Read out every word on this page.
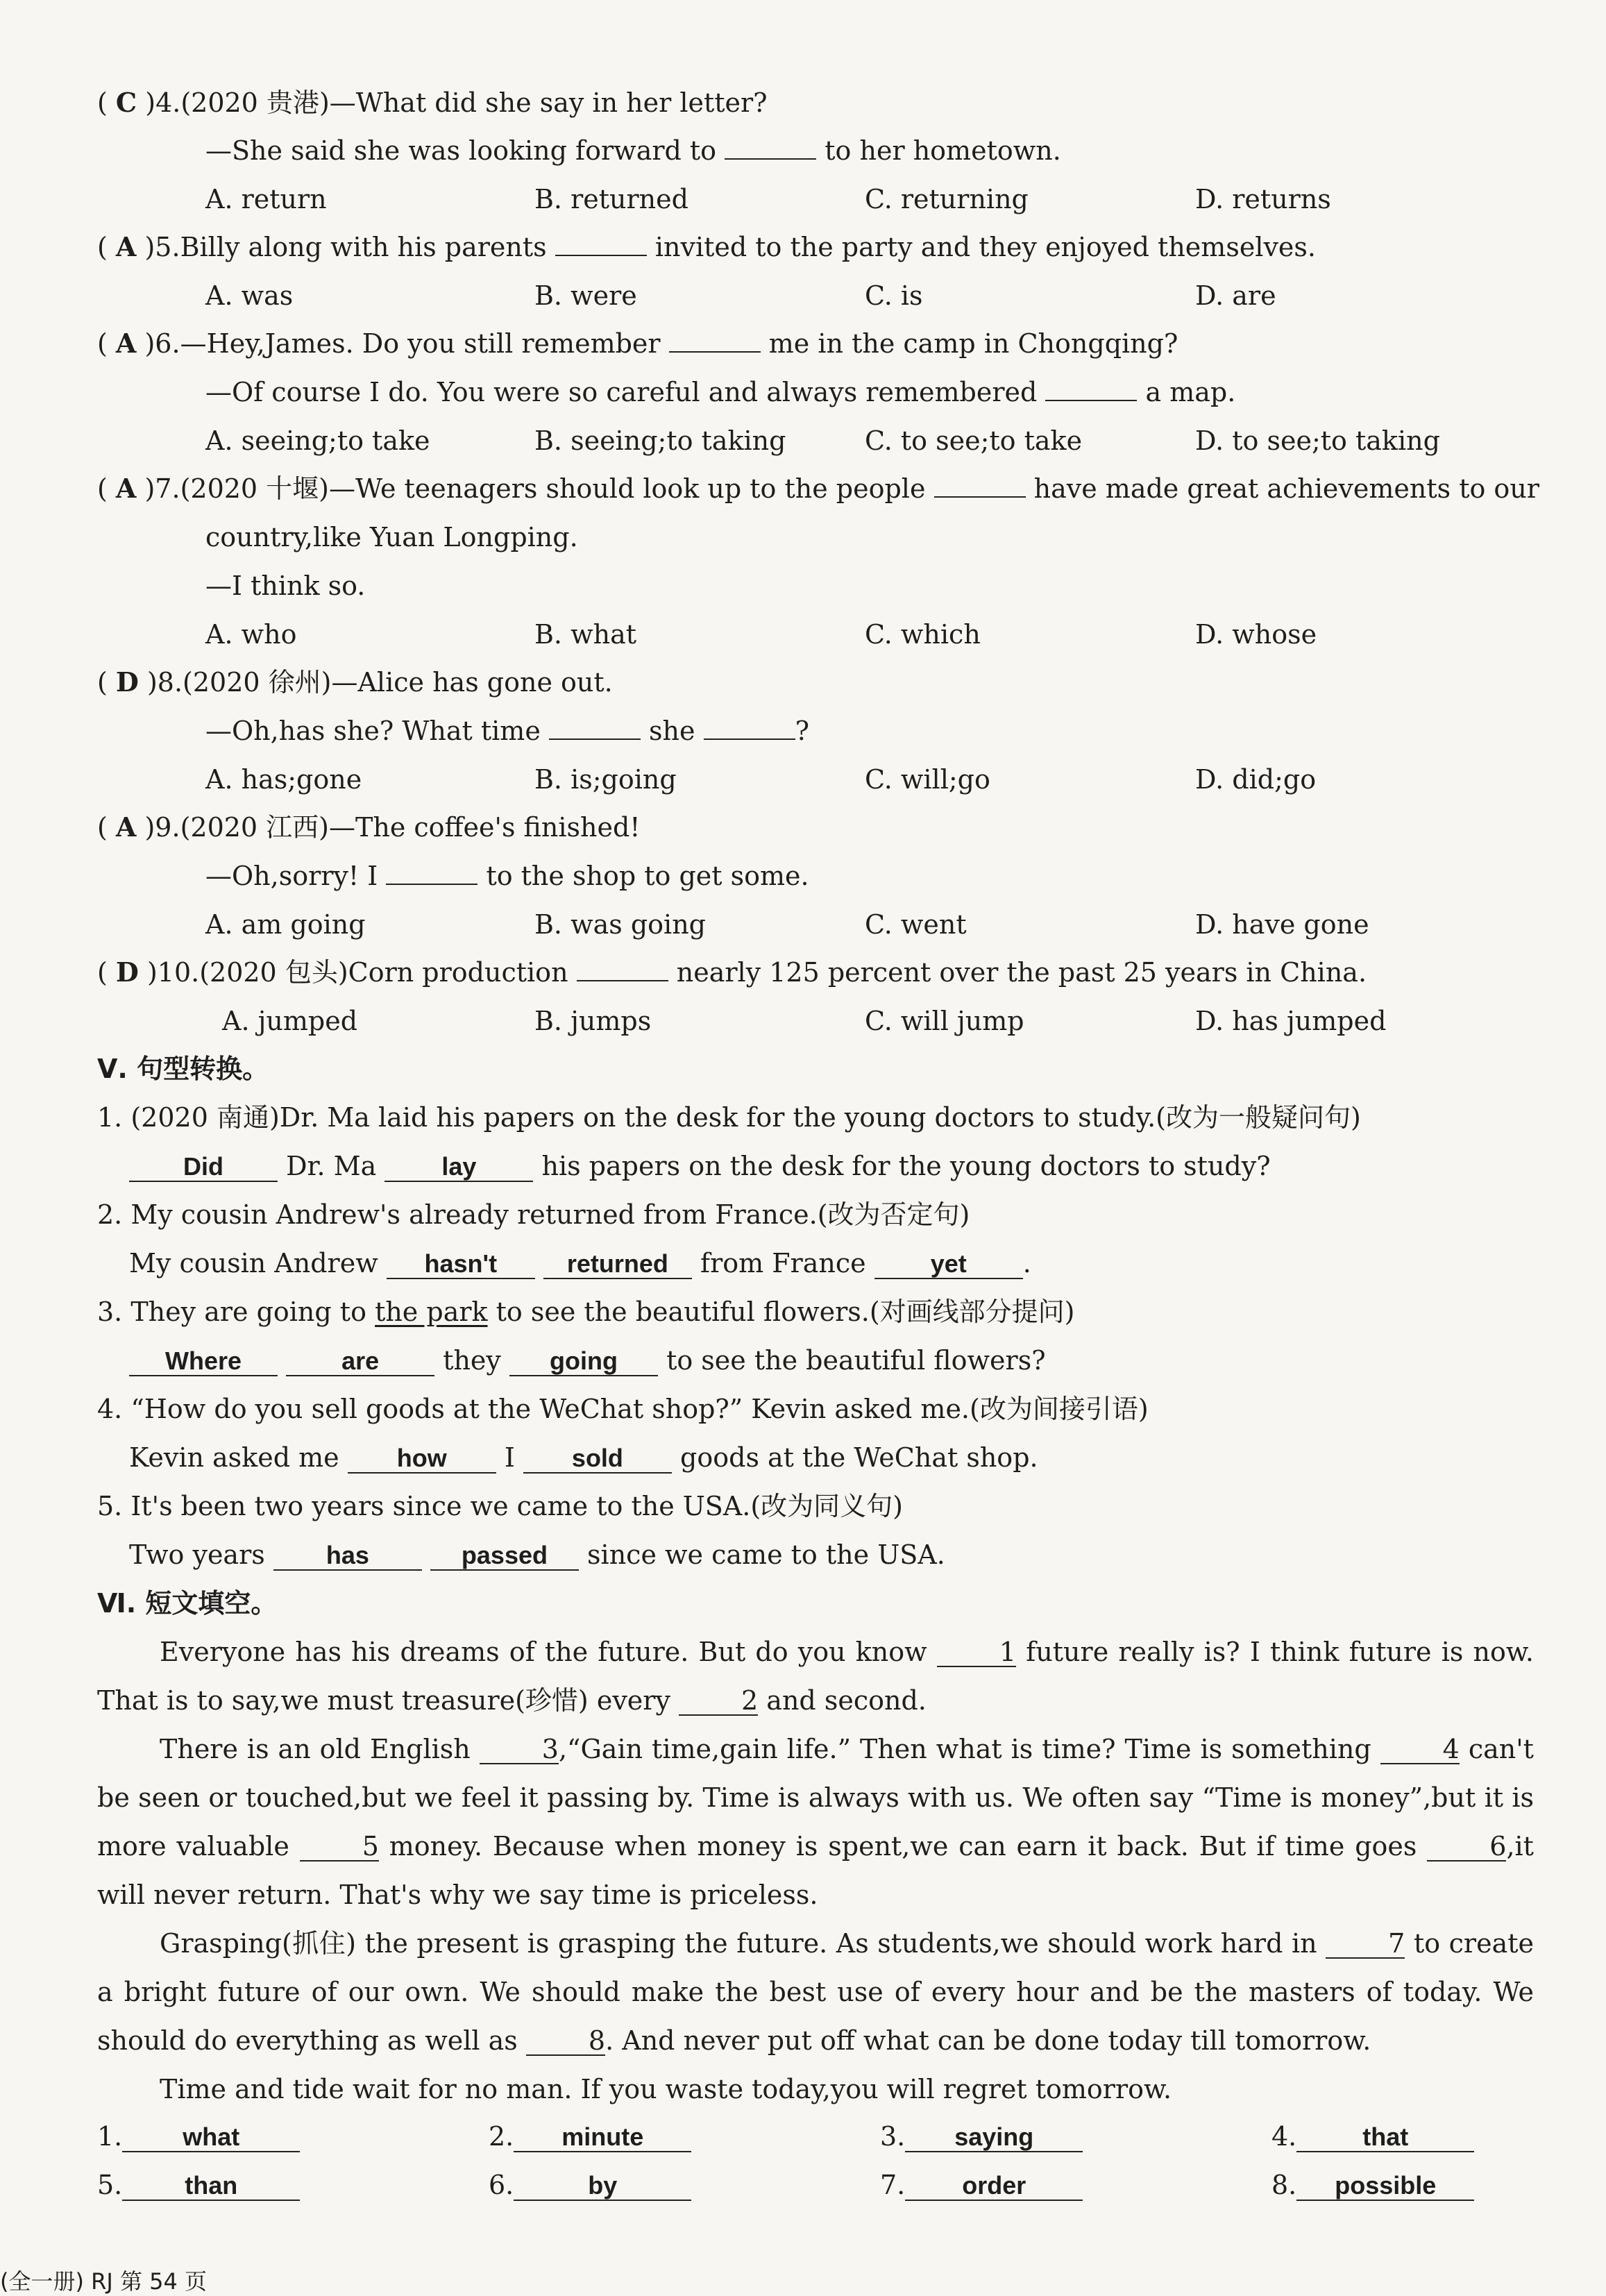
( C )4.(2020 贵港)—What did she say in her letter?
—She said she was looking forward to	to her hometown.
A. return	B. returned	C. returning	D. returns
( A )5.Billy along with his parents	invited to the party and they enjoyed themselves.
A. was	B. were	C. is	D. are
( A )6.—Hey,James. Do you still remember	me in the camp in Chongqing?
—Of course I do. You were so careful and always remembered	a map.
A. seeing;to take	B. seeing;to taking	C. to see;to take	D. to see;to taking
( A )7.(2020 十堰)—We teenagers should look up to the people	have made great achievements to our
country,like Yuan Longping.
—I think so.
A. who	B. what	C. which	D. whose
( D )8.(2020 徐州)—Alice has gone out.
—Oh,has she? What time	she	?
A. has;gone	B. is;going	C. will;go	D. did;go
( A )9.(2020 江西)—The coffee's finished!
—Oh,sorry! I	to the shop to get some.
A. am going	B. was going	C. went	D. have gone
( D )10.(2020 包头)Corn production	nearly 125 percent over the past 25 years in China.
A. jumped	B. jumps	C. will jump	D. has jumped
Ⅴ. 句型转换。
1. (2020 南通)Dr. Ma laid his papers on the desk for the young doctors to study.(改为一般疑问句)
Did Dr. Ma	lay his papers on the desk for the young doctors to study?
2. My cousin Andrew's already returned from France.(改为否定句)
My cousin Andrew hasn't	returned from France	yet .
3. They are going to the park to see the beautiful flowers.(对画线部分提问)
Where	are they going to see the beautiful flowers?
4. “How do you sell goods at the WeChat shop?” Kevin asked me.(改为间接引语)
Kevin asked me how I sold goods at the WeChat shop.
5. It's been two years since we came to the USA.(改为同义句)
Two years has	passed since we came to the USA.
Ⅵ. 短文填空。
Everyone has his dreams of the future. But do you know	1 future really is? I think future is now. That is to say,we must treasure(珍惜) every	2 and second.
There is an old English	3,“Gain time,gain life.” Then what is time? Time is something	4 can't be seen or touched,but we feel it passing by. Time is always with us. We often say “Time is money”,but it is more valuable	5 money. Because when money is spent,we can earn it back. But if time goes	6,it will never return. That's why we say time is priceless.
Grasping(抓住) the present is grasping the future. As students,we should work hard in	7 to create a bright future of our own. We should make the best use of every hour and be the masters of today. We should do everything as well as	8. And never put off what can be done today till tomorrow.
Time and tide wait for no man. If you waste today,you will regret tomorrow.
1. what	2. minute	3. saying	4.	that
5.	than	6.	by	7. order	8. possible
(全一册) RJ 第 54 页
